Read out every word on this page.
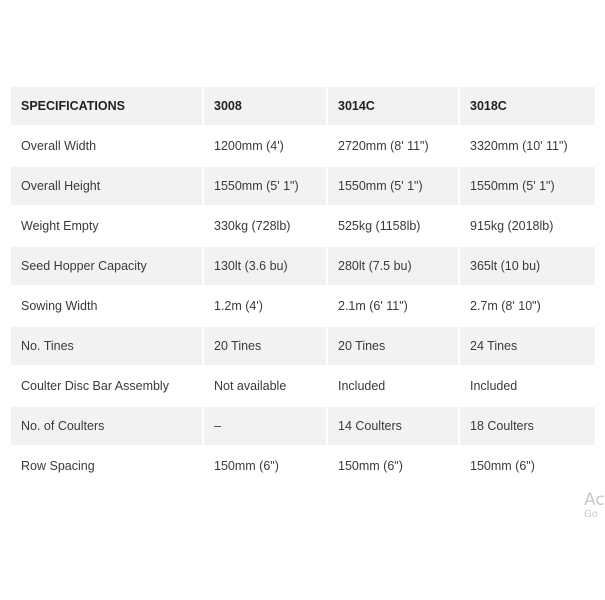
SPECIFICATIONS	3008	3014C	3018C
Overall Width	1200mm (4')	2720mm (8' 11")	3320mm (10' 11")
Overall Height	1550mm (5' 1")	1550mm (5' 1")	1550mm (5' 1")
Weight Empty	330kg (728lb)	525kg (1158lb)	915kg (2018lb)
Seed Hopper Capacity	130lt (3.6 bu)	280lt (7.5 bu)	365lt (10 bu)
Sowing Width	1.2m (4')	2.1m (6' 11")	2.7m (8' 10")
No. Tines	20 Tines	20 Tines	24 Tines
Coulter Disc Bar Assembly	Not available	Included	Included
No. of Coulters	–	14 Coulters	18 Coulters
Row Spacing	150mm (6")	150mm (6")	150mm (6")
Ac
Go
